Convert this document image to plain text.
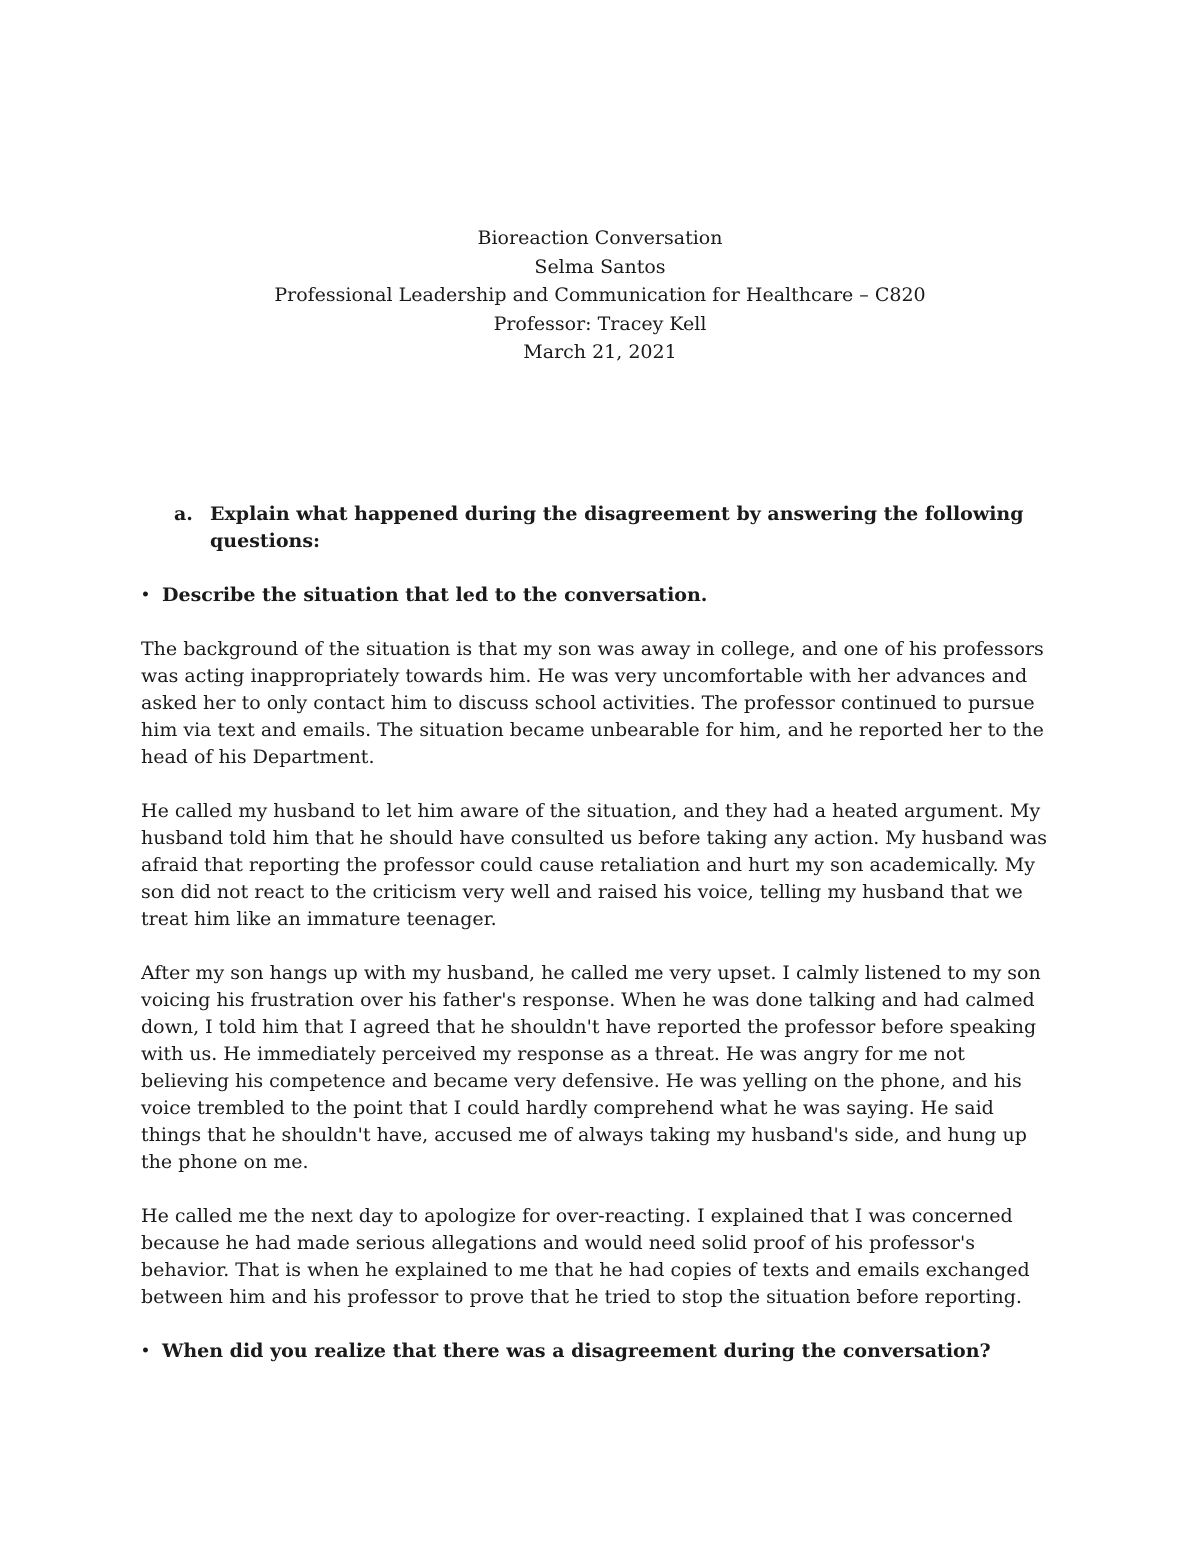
Bioreaction Conversation
Selma Santos
Professional Leadership and Communication for Healthcare – C820
Professor: Tracey Kell
March 21, 2021
a. Explain what happened during the disagreement by answering the following questions:
• Describe the situation that led to the conversation.

The background of the situation is that my son was away in college, and one of his professors was acting inappropriately towards him. He was very uncomfortable with her advances and asked her to only contact him to discuss school activities. The professor continued to pursue him via text and emails. The situation became unbearable for him, and he reported her to the head of his Department.

He called my husband to let him aware of the situation, and they had a heated argument. My husband told him that he should have consulted us before taking any action. My husband was afraid that reporting the professor could cause retaliation and hurt my son academically. My son did not react to the criticism very well and raised his voice, telling my husband that we treat him like an immature teenager.

After my son hangs up with my husband, he called me very upset. I calmly listened to my son voicing his frustration over his father's response. When he was done talking and had calmed down, I told him that I agreed that he shouldn't have reported the professor before speaking with us. He immediately perceived my response as a threat. He was angry for me not believing his competence and became very defensive. He was yelling on the phone, and his voice trembled to the point that I could hardly comprehend what he was saying. He said things that he shouldn't have, accused me of always taking my husband's side, and hung up the phone on me.

He called me the next day to apologize for over-reacting. I explained that I was concerned because he had made serious allegations and would need solid proof of his professor's behavior. That is when he explained to me that he had copies of texts and emails exchanged between him and his professor to prove that he tried to stop the situation before reporting.

• When did you realize that there was a disagreement during the conversation?
